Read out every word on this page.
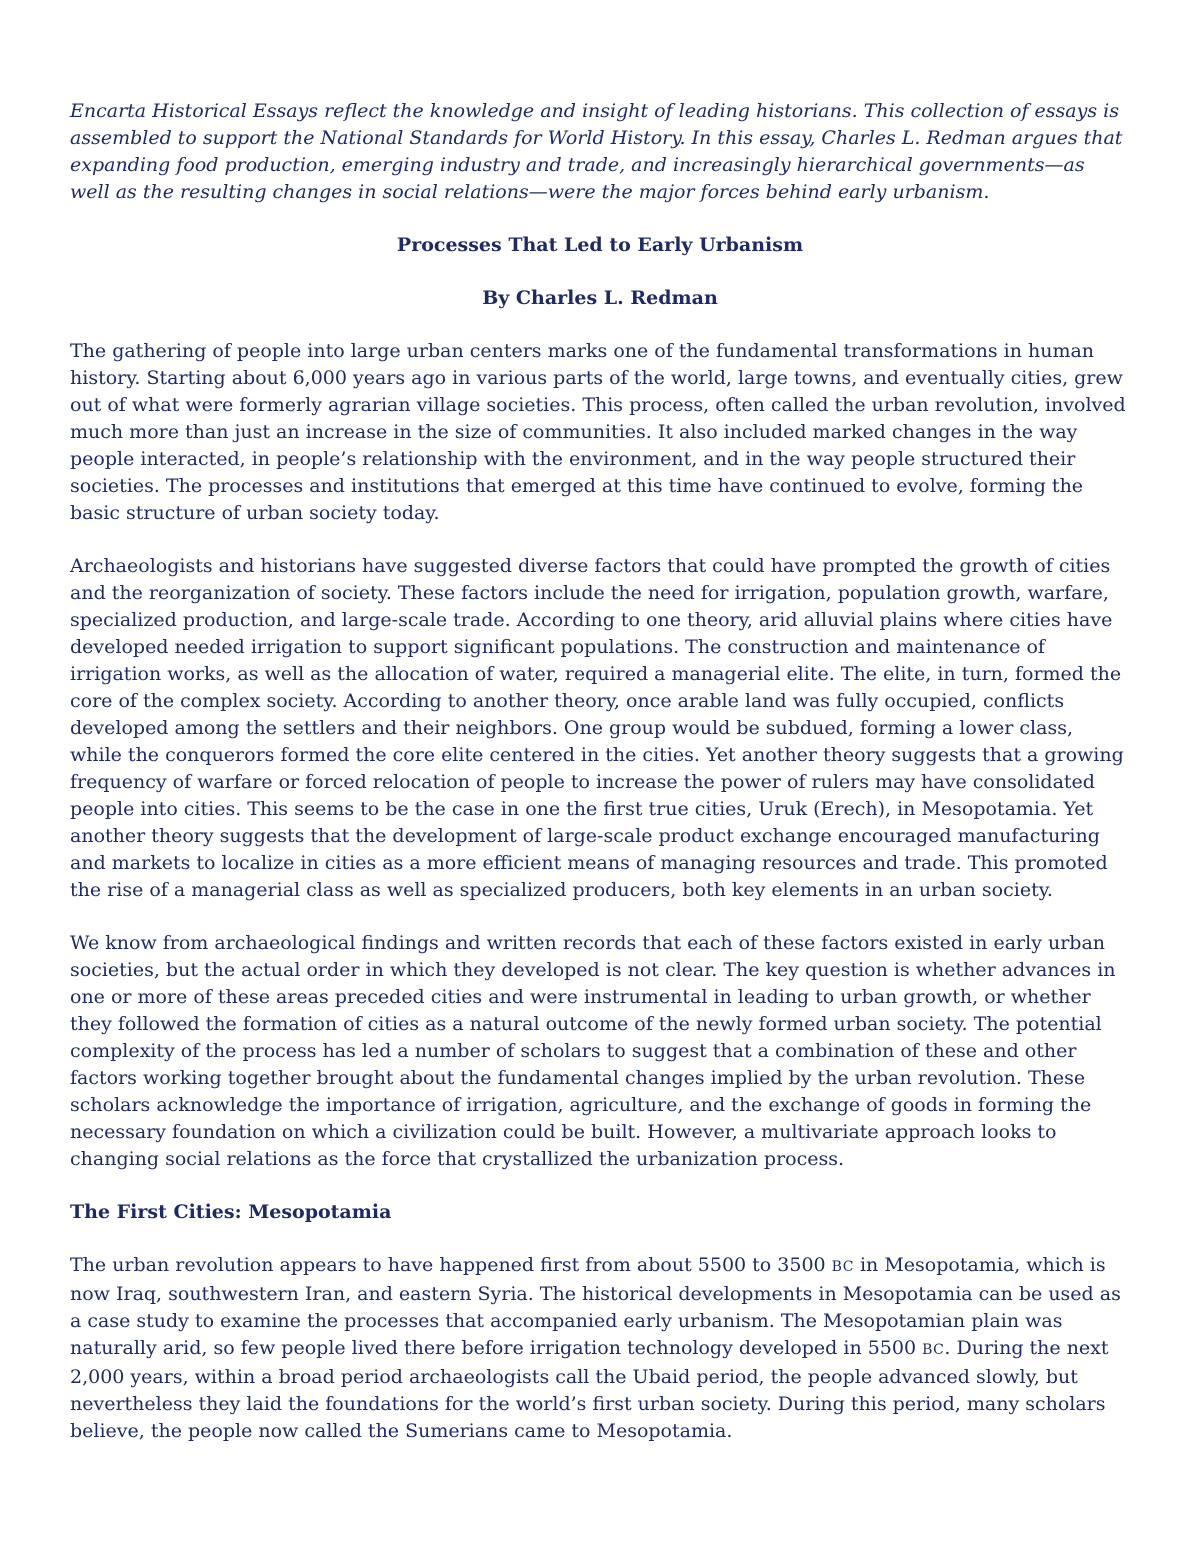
Encarta Historical Essays reflect the knowledge and insight of leading historians. This collection of essays is assembled to support the National Standards for World History. In this essay, Charles L. Redman argues that expanding food production, emerging industry and trade, and increasingly hierarchical governments—as well as the resulting changes in social relations—were the major forces behind early urbanism.

Processes That Led to Early Urbanism

By Charles L. Redman

The gathering of people into large urban centers marks one of the fundamental transformations in human history. Starting about 6,000 years ago in various parts of the world, large towns, and eventually cities, grew out of what were formerly agrarian village societies. This process, often called the urban revolution, involved much more than just an increase in the size of communities. It also included marked changes in the way people interacted, in people’s relationship with the environment, and in the way people structured their societies. The processes and institutions that emerged at this time have continued to evolve, forming the basic structure of urban society today.

Archaeologists and historians have suggested diverse factors that could have prompted the growth of cities and the reorganization of society. These factors include the need for irrigation, population growth, warfare, specialized production, and large-scale trade. According to one theory, arid alluvial plains where cities have developed needed irrigation to support significant populations. The construction and maintenance of irrigation works, as well as the allocation of water, required a managerial elite. The elite, in turn, formed the core of the complex society. According to another theory, once arable land was fully occupied, conflicts developed among the settlers and their neighbors. One group would be subdued, forming a lower class, while the conquerors formed the core elite centered in the cities. Yet another theory suggests that a growing frequency of warfare or forced relocation of people to increase the power of rulers may have consolidated people into cities. This seems to be the case in one the first true cities, Uruk (Erech), in Mesopotamia. Yet another theory suggests that the development of large-scale product exchange encouraged manufacturing and markets to localize in cities as a more efficient means of managing resources and trade. This promoted the rise of a managerial class as well as specialized producers, both key elements in an urban society.

We know from archaeological findings and written records that each of these factors existed in early urban societies, but the actual order in which they developed is not clear. The key question is whether advances in one or more of these areas preceded cities and were instrumental in leading to urban growth, or whether they followed the formation of cities as a natural outcome of the newly formed urban society. The potential complexity of the process has led a number of scholars to suggest that a combination of these and other factors working together brought about the fundamental changes implied by the urban revolution. These scholars acknowledge the importance of irrigation, agriculture, and the exchange of goods in forming the necessary foundation on which a civilization could be built. However, a multivariate approach looks to changing social relations as the force that crystallized the urbanization process.

The First Cities: Mesopotamia

The urban revolution appears to have happened first from about 5500 to 3500 BC in Mesopotamia, which is now Iraq, southwestern Iran, and eastern Syria. The historical developments in Mesopotamia can be used as a case study to examine the processes that accompanied early urbanism. The Mesopotamian plain was naturally arid, so few people lived there before irrigation technology developed in 5500 BC. During the next 2,000 years, within a broad period archaeologists call the Ubaid period, the people advanced slowly, but nevertheless they laid the foundations for the world’s first urban society. During this period, many scholars believe, the people now called the Sumerians came to Mesopotamia.
